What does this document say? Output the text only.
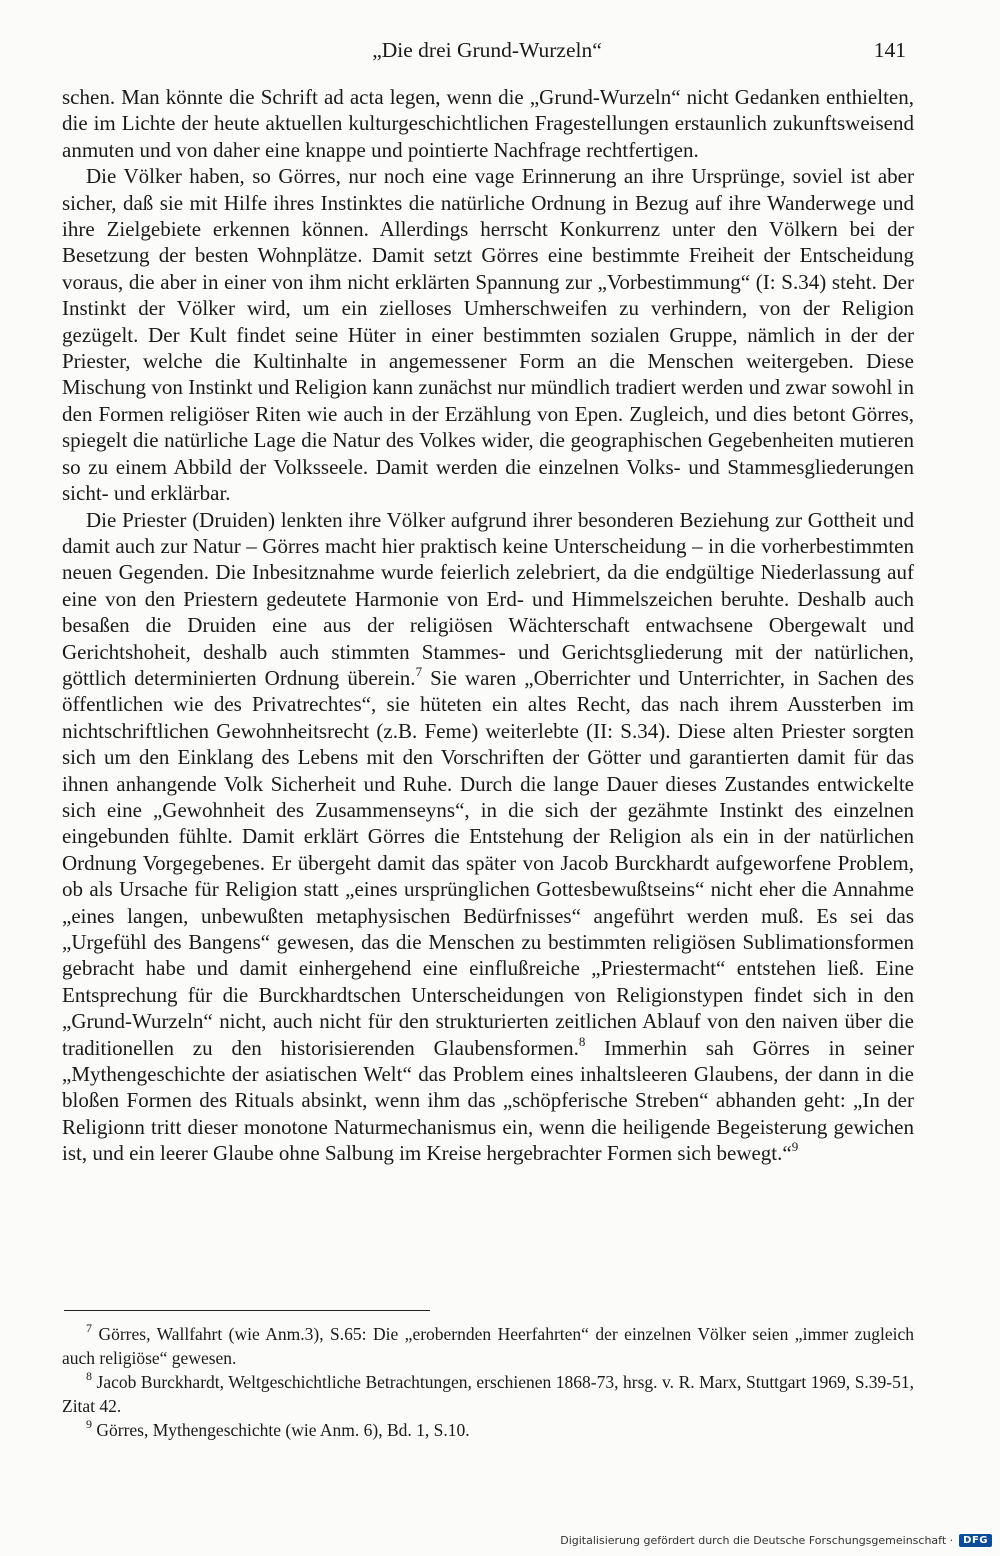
„Die drei Grund-Wurzeln“	141

schen. Man könnte die Schrift ad acta legen, wenn die „Grund-Wurzeln“ nicht Gedanken enthielten, die im Lichte der heute aktuellen kulturgeschichtlichen Fragestellungen erstaunlich zukunftsweisend anmuten und von daher eine knappe und pointierte Nachfrage rechtfertigen.

Die Völker haben, so Görres, nur noch eine vage Erinnerung an ihre Ursprünge, soviel ist aber sicher, daß sie mit Hilfe ihres Instinktes die natürliche Ordnung in Bezug auf ihre Wanderwege und ihre Zielgebiete erkennen können. Allerdings herrscht Konkurrenz unter den Völkern bei der Besetzung der besten Wohnplätze. Damit setzt Görres eine bestimmte Freiheit der Entscheidung voraus, die aber in einer von ihm nicht erklärten Spannung zur „Vorbestimmung“ (I: S.34) steht. Der Instinkt der Völker wird, um ein zielloses Umherschweifen zu verhindern, von der Religion gezügelt. Der Kult findet seine Hüter in einer bestimmten sozialen Gruppe, nämlich in der der Priester, welche die Kultinhalte in angemessener Form an die Menschen weitergeben. Diese Mischung von Instinkt und Religion kann zunächst nur mündlich tradiert werden und zwar sowohl in den Formen religiöser Riten wie auch in der Erzählung von Epen. Zugleich, und dies betont Görres, spiegelt die natürliche Lage die Natur des Volkes wider, die geographischen Gegebenheiten mutieren so zu einem Abbild der Volksseele. Damit werden die einzelnen Volks- und Stammesgliederungen sicht- und erklärbar.

Die Priester (Druiden) lenkten ihre Völker aufgrund ihrer besonderen Beziehung zur Gottheit und damit auch zur Natur – Görres macht hier praktisch keine Unterscheidung – in die vorherbestimmten neuen Gegenden. Die Inbesitznahme wurde feierlich zelebriert, da die endgültige Niederlassung auf eine von den Priestern gedeutete Harmonie von Erd- und Himmelszeichen beruhte. Deshalb auch besaßen die Druiden eine aus der religiösen Wächterschaft entwachsene Obergewalt und Gerichtshoheit, deshalb auch stimmten Stammes- und Gerichtsgliederung mit der natürlichen, göttlich determinierten Ordnung überein.$^7$ Sie waren „Oberrichter und Unterrichter, in Sachen des öffentlichen wie des Privatrechtes“, sie hüteten ein altes Recht, das nach ihrem Aussterben im nichtschriftlichen Gewohnheitsrecht (z.B. Feme) weiterlebte (II: S.34). Diese alten Priester sorgten sich um den Einklang des Lebens mit den Vorschriften der Götter und garantierten damit für das ihnen anhangende Volk Sicherheit und Ruhe. Durch die lange Dauer dieses Zustandes entwickelte sich eine „Gewohnheit des Zusammenseyns“, in die sich der gezähmte Instinkt des einzelnen eingebunden fühlte. Damit erklärt Görres die Entstehung der Religion als ein in der natürlichen Ordnung Vorgegebenes. Er übergeht damit das später von Jacob Burckhardt aufgeworfene Problem, ob als Ursache für Religion statt „eines ursprünglichen Gottesbewußtseins“ nicht eher die Annahme „eines langen, unbewußten metaphysischen Bedürfnisses“ angeführt werden muß. Es sei das „Urgefühl des Bangens“ gewesen, das die Menschen zu bestimmten religiösen Sublimationsformen gebracht habe und damit einhergehend eine einflußreiche „Priestermacht“ entstehen ließ. Eine Entsprechung für die Burckhardtschen Unterscheidungen von Religionstypen findet sich in den „Grund-Wurzeln“ nicht, auch nicht für den strukturierten zeitlichen Ablauf von den naiven über die traditionellen zu den historisierenden Glaubensformen.$^8$ Immerhin sah Görres in seiner „Mythengeschichte der asiatischen Welt“ das Problem eines inhaltsleeren Glaubens, der dann in die bloßen Formen des Rituals absinkt, wenn ihm das „schöpferische Streben“ abhanden geht: „In der Religionn tritt dieser monotone Naturmechanismus ein, wenn die heiligende Begeisterung gewichen ist, und ein leerer Glaube ohne Salbung im Kreise hergebrachter Formen sich bewegt.“$^9$

$^7$ Görres, Wallfahrt (wie Anm.3), S.65: Die „erobernden Heerfahrten“ der einzelnen Völker seien „immer zugleich auch religiöse“ gewesen.

$^8$ Jacob Burckhardt, Weltgeschichtliche Betrachtungen, erschienen 1868-73, hrsg. v. R. Marx, Stuttgart 1969, S.39-51, Zitat 42.

$^9$ Görres, Mythengeschichte (wie Anm. 6), Bd. 1, S.10.

Digitalisierung gefördert durch die Deutsche Forschungsgemeinschaft ·	DFG
